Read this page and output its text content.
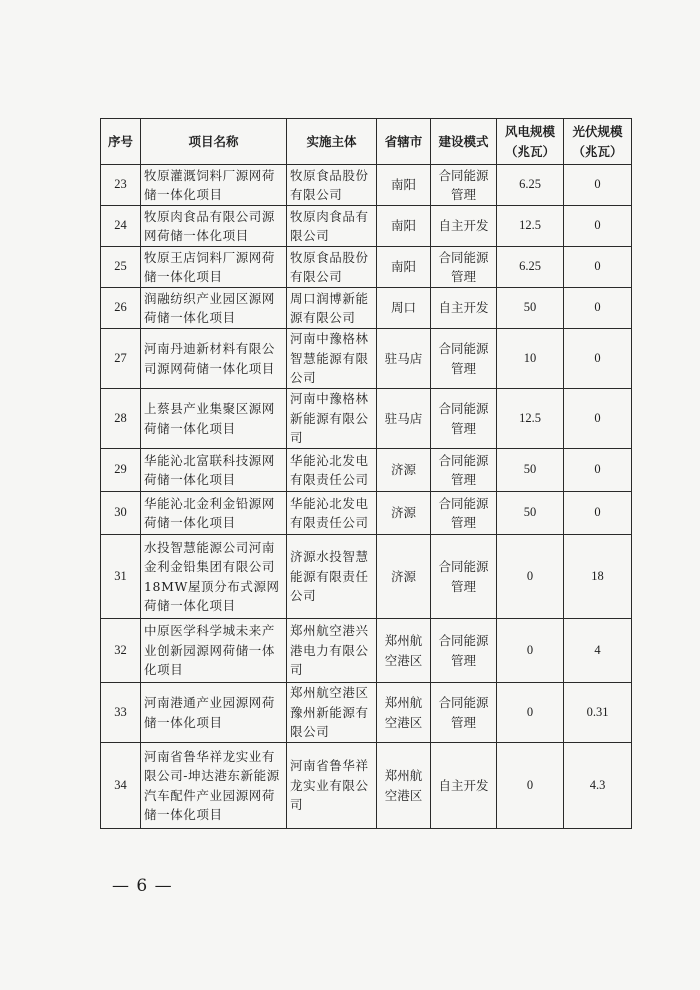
序号	项目名称	实施主体	省辖市	建设模式	风电规模（兆瓦）	光伏规模（兆瓦）
23	牧原灌溉饲料厂源网荷储一体化项目	牧原食品股份有限公司	南阳	合同能源管理	6.25	0
24	牧原肉食品有限公司源网荷储一体化项目	牧原肉食品有限公司	南阳	自主开发	12.5	0
25	牧原王店饲料厂源网荷储一体化项目	牧原食品股份有限公司	南阳	合同能源管理	6.25	0
26	润融纺织产业园区源网荷储一体化项目	周口润博新能源有限公司	周口	自主开发	50	0
27	河南丹迪新材料有限公司源网荷储一体化项目	河南中豫格林智慧能源有限公司	驻马店	合同能源管理	10	0
28	上蔡县产业集聚区源网荷储一体化项目	河南中豫格林新能源有限公司	驻马店	合同能源管理	12.5	0
29	华能沁北富联科技源网荷储一体化项目	华能沁北发电有限责任公司	济源	合同能源管理	50	0
30	华能沁北金利金铅源网荷储一体化项目	华能沁北发电有限责任公司	济源	合同能源管理	50	0
31	水投智慧能源公司河南金利金铅集团有限公司18MW屋顶分布式源网荷储一体化项目	济源水投智慧能源有限责任公司	济源	合同能源管理	0	18
32	中原医学科学城未来产业创新园源网荷储一体化项目	郑州航空港兴港电力有限公司	郑州航空港区	合同能源管理	0	4
33	河南港通产业园源网荷储一体化项目	郑州航空港区豫州新能源有限公司	郑州航空港区	合同能源管理	0	0.31
34	河南省鲁华祥龙实业有限公司-坤达港东新能源汽车配件产业园源网荷储一体化项目	河南省鲁华祥龙实业有限公司	郑州航空港区	自主开发	0	4.3
— 6 —
